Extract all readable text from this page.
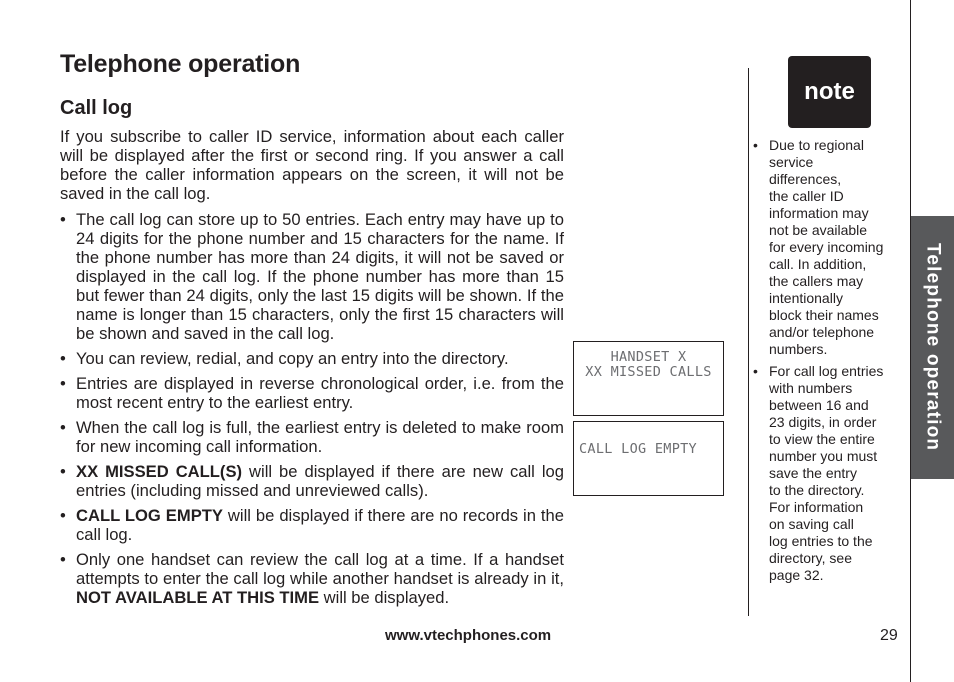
Telephone operation
Call log

If you subscribe to caller ID service, information about each caller will be displayed after the first or second ring. If you answer a call before the caller information appears on the screen, it will not be saved in the call log.

• The call log can store up to 50 entries. Each entry may have up to 24 digits for the phone number and 15 characters for the name. If the phone number has more than 24 digits, it will not be saved or displayed in the call log. If the phone number has more than 15 but fewer than 24 digits, only the last 15 digits will be shown. If the name is longer than 15 characters, only the first 15 characters will be shown and saved in the call log.
• You can review, redial, and copy an entry into the directory.
• Entries are displayed in reverse chronological order, i.e. from the most recent entry to the earliest entry.
• When the call log is full, the earliest entry is deleted to make room for new incoming call information.
• XX MISSED CALL(S) will be displayed if there are new call log entries (including missed and unreviewed calls).
• CALL LOG EMPTY will be displayed if there are no records in the call log.
• Only one handset can review the call log at a time. If a handset attempts to enter the call log while another handset is already in it, NOT AVAILABLE AT THIS TIME will be displayed.
HANDSET X
XX MISSED CALLS
CALL LOG EMPTY
note
• Due to regional
service
differences,
the caller ID
information may
not be available
for every incoming
call. In addition,
the callers may
intentionally
block their names
and/or telephone
numbers.
• For call log entries
with numbers
between 16 and
23 digits, in order
to view the entire
number you must
save the entry
to the directory.
For information
on saving call
log entries to the
directory, see
page 32.
Telephone operation
www.vtechphones.com	29
